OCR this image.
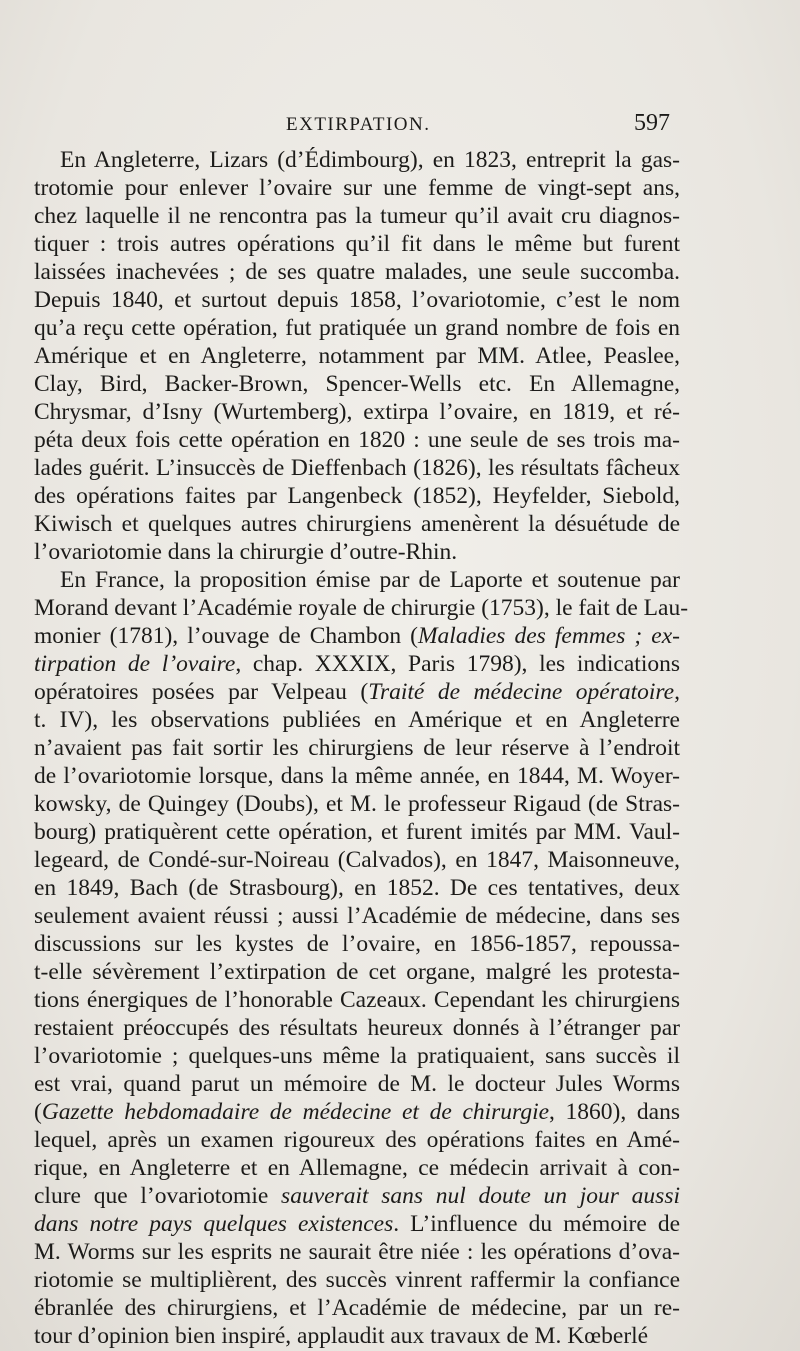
EXTIRPATION.	597
En Angleterre, Lizars (d’Édimbourg), en 1823, entreprit la gas-
trotomie pour enlever l’ovaire sur une femme de vingt-sept ans,
chez laquelle il ne rencontra pas la tumeur qu’il avait cru diagnos-
tiquer : trois autres opérations qu’il fit dans le même but furent
laissées inachevées ; de ses quatre malades, une seule succomba.
Depuis 1840, et surtout depuis 1858, l’ovariotomie, c’est le nom
qu’a reçu cette opération, fut pratiquée un grand nombre de fois en
Amérique et en Angleterre, notamment par MM. Atlee, Peaslee,
Clay, Bird, Backer-Brown, Spencer-Wells etc. En Allemagne,
Chrysmar, d’Isny (Wurtemberg), extirpa l’ovaire, en 1819, et ré-
péta deux fois cette opération en 1820 : une seule de ses trois ma-
lades guérit. L’insuccès de Dieffenbach (1826), les résultats fâcheux
des opérations faites par Langenbeck (1852), Heyfelder, Siebold,
Kiwisch et quelques autres chirurgiens amenèrent la désuétude de
l’ovariotomie dans la chirurgie d’outre-Rhin.
En France, la proposition émise par de Laporte et soutenue par
Morand devant l’Académie royale de chirurgie (1753), le fait de Lau-
monier (1781), l’ouvage de Chambon (Maladies des femmes ; ex-
tirpation de l’ovaire, chap. XXXIX, Paris 1798), les indications
opératoires posées par Velpeau (Traité de médecine opératoire,
t. IV), les observations publiées en Amérique et en Angleterre
n’avaient pas fait sortir les chirurgiens de leur réserve à l’endroit
de l’ovariotomie lorsque, dans la même année, en 1844, M. Woyer-
kowsky, de Quingey (Doubs), et M. le professeur Rigaud (de Stras-
bourg) pratiquèrent cette opération, et furent imités par MM. Vaul-
legeard, de Condé-sur-Noireau (Calvados), en 1847, Maisonneuve,
en 1849, Bach (de Strasbourg), en 1852. De ces tentatives, deux
seulement avaient réussi ; aussi l’Académie de médecine, dans ses
discussions sur les kystes de l’ovaire, en 1856-1857, repoussa-
t-elle sévèrement l’extirpation de cet organe, malgré les protesta-
tions énergiques de l’honorable Cazeaux. Cependant les chirurgiens
restaient préoccupés des résultats heureux donnés à l’étranger par
l’ovariotomie ; quelques-uns même la pratiquaient, sans succès il
est vrai, quand parut un mémoire de M. le docteur Jules Worms
(Gazette hebdomadaire de médecine et de chirurgie, 1860), dans
lequel, après un examen rigoureux des opérations faites en Amé-
rique, en Angleterre et en Allemagne, ce médecin arrivait à con-
clure que l’ovariotomie sauverait sans nul doute un jour aussi
dans notre pays quelques existences. L’influence du mémoire de
M. Worms sur les esprits ne saurait être niée : les opérations d’ova-
riotomie se multiplièrent, des succès vinrent raffermir la confiance
ébranlée des chirurgiens, et l’Académie de médecine, par un re-
tour d’opinion bien inspiré, applaudit aux travaux de M. Kœberlé
